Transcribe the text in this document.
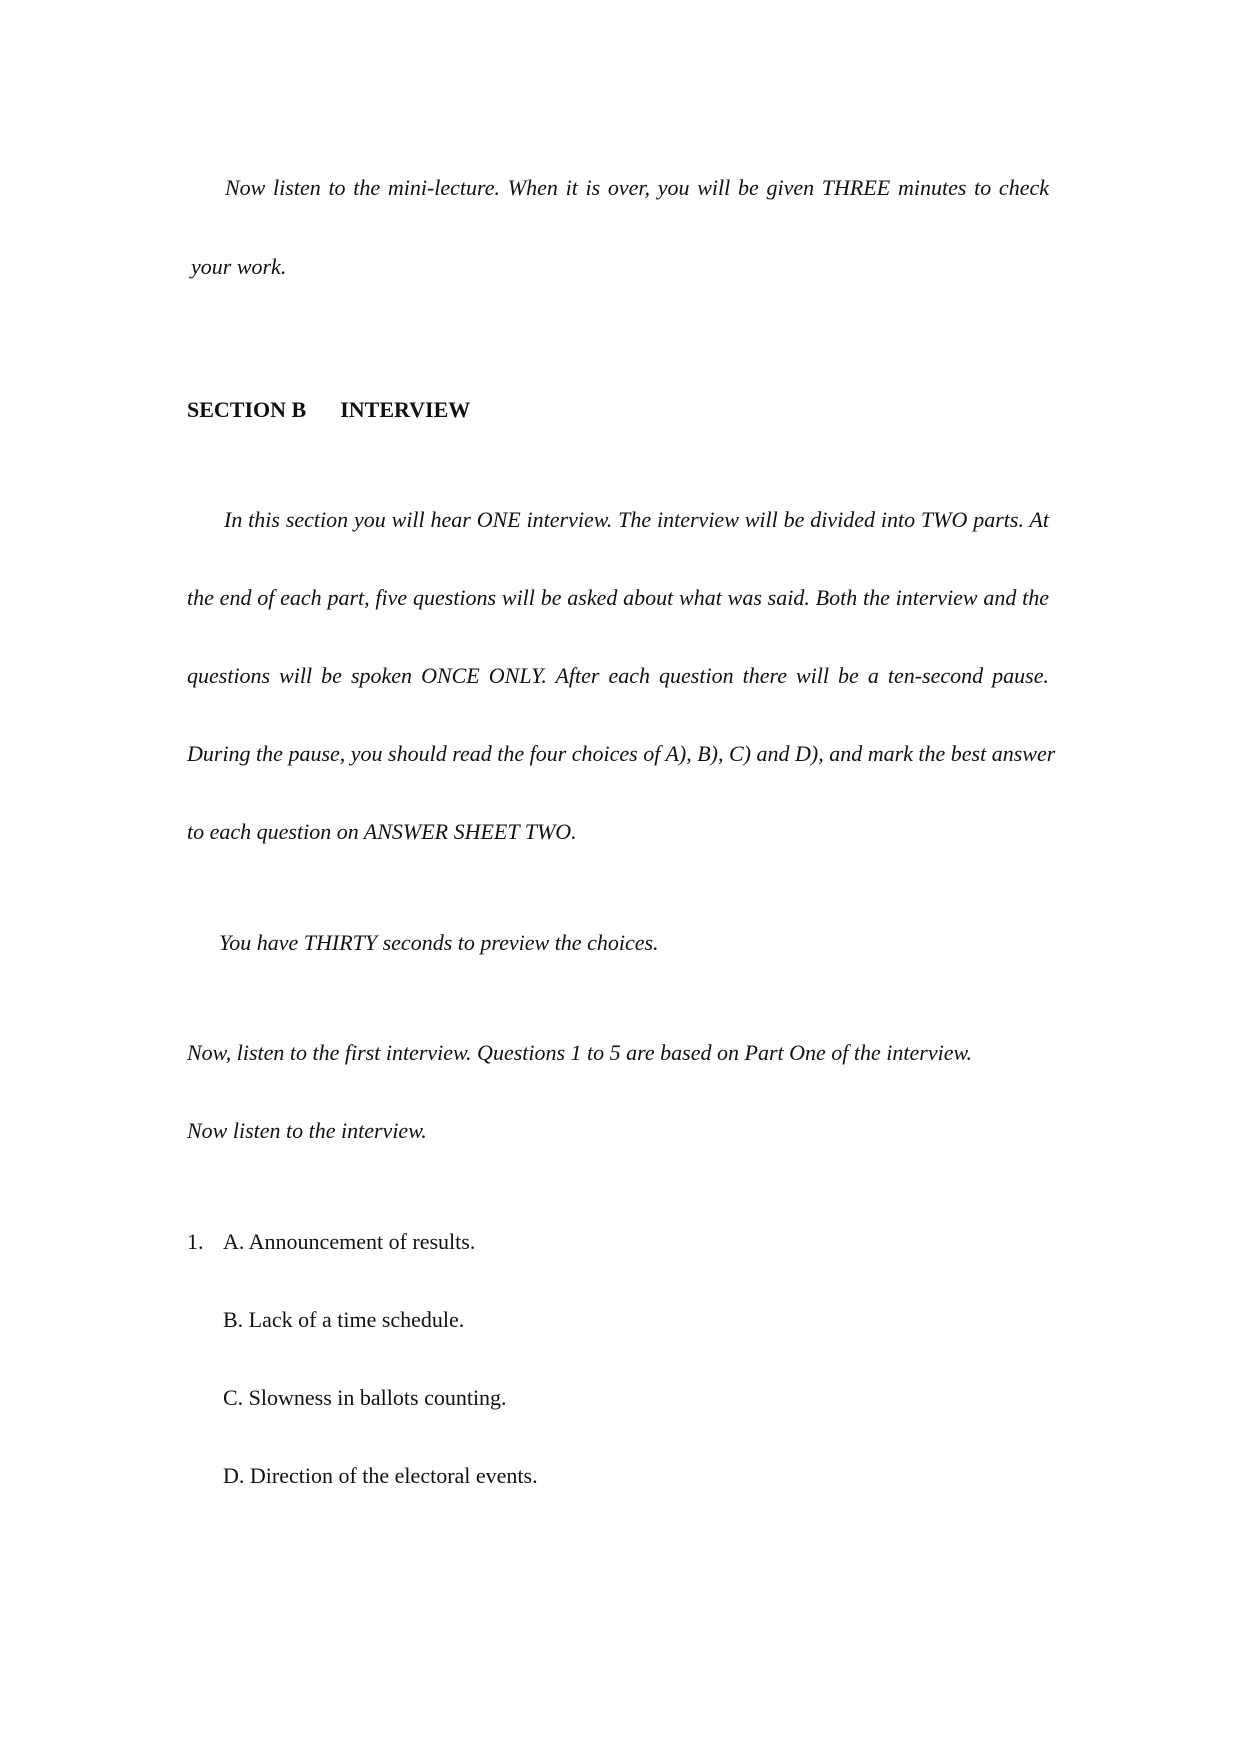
Now listen to the mini-lecture. When it is over, you will be given THREE minutes to check
your work.
SECTION B INTERVIEW
In this section you will hear ONE interview. The interview will be divided into TWO parts. At
the end of each part, five questions will be asked about what was said. Both the interview and the
questions will be spoken ONCE ONLY. After each question there will be a ten-second pause.
During the pause, you should read the four choices of A), B), C) and D), and mark the best answer
to each question on ANSWER SHEET TWO.
You have THIRTY seconds to preview the choices.
Now, listen to the first interview. Questions 1 to 5 are based on Part One of the interview.
Now listen to the interview.
1. A. Announcement of results.
B. Lack of a time schedule.
C. Slowness in ballots counting.
D. Direction of the electoral events.
